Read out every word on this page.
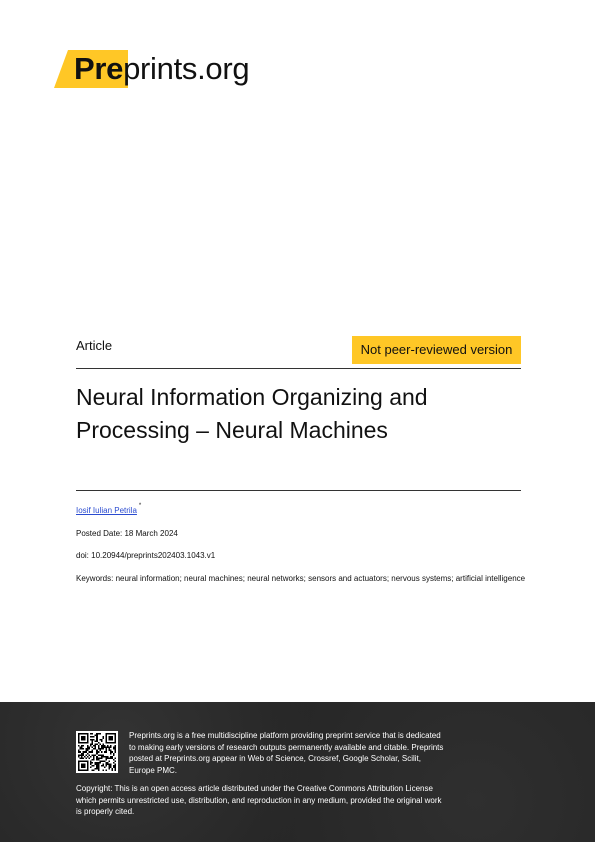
Preprints.org
Article	Not peer-reviewed version
Neural Information Organizing and Processing – Neural Machines
Iosif Iulian Petrila *
Posted Date: 18 March 2024
doi: 10.20944/preprints202403.1043.v1
Keywords: neural information; neural machines; neural networks; sensors and actuators; nervous systems; artificial intelligence
Preprints.org is a free multidiscipline platform providing preprint service that is dedicated to making early versions of research outputs permanently available and citable. Preprints posted at Preprints.org appear in Web of Science, Crossref, Google Scholar, Scilit, Europe PMC.
Copyright: This is an open access article distributed under the Creative Commons Attribution License which permits unrestricted use, distribution, and reproduction in any medium, provided the original work is properly cited.
